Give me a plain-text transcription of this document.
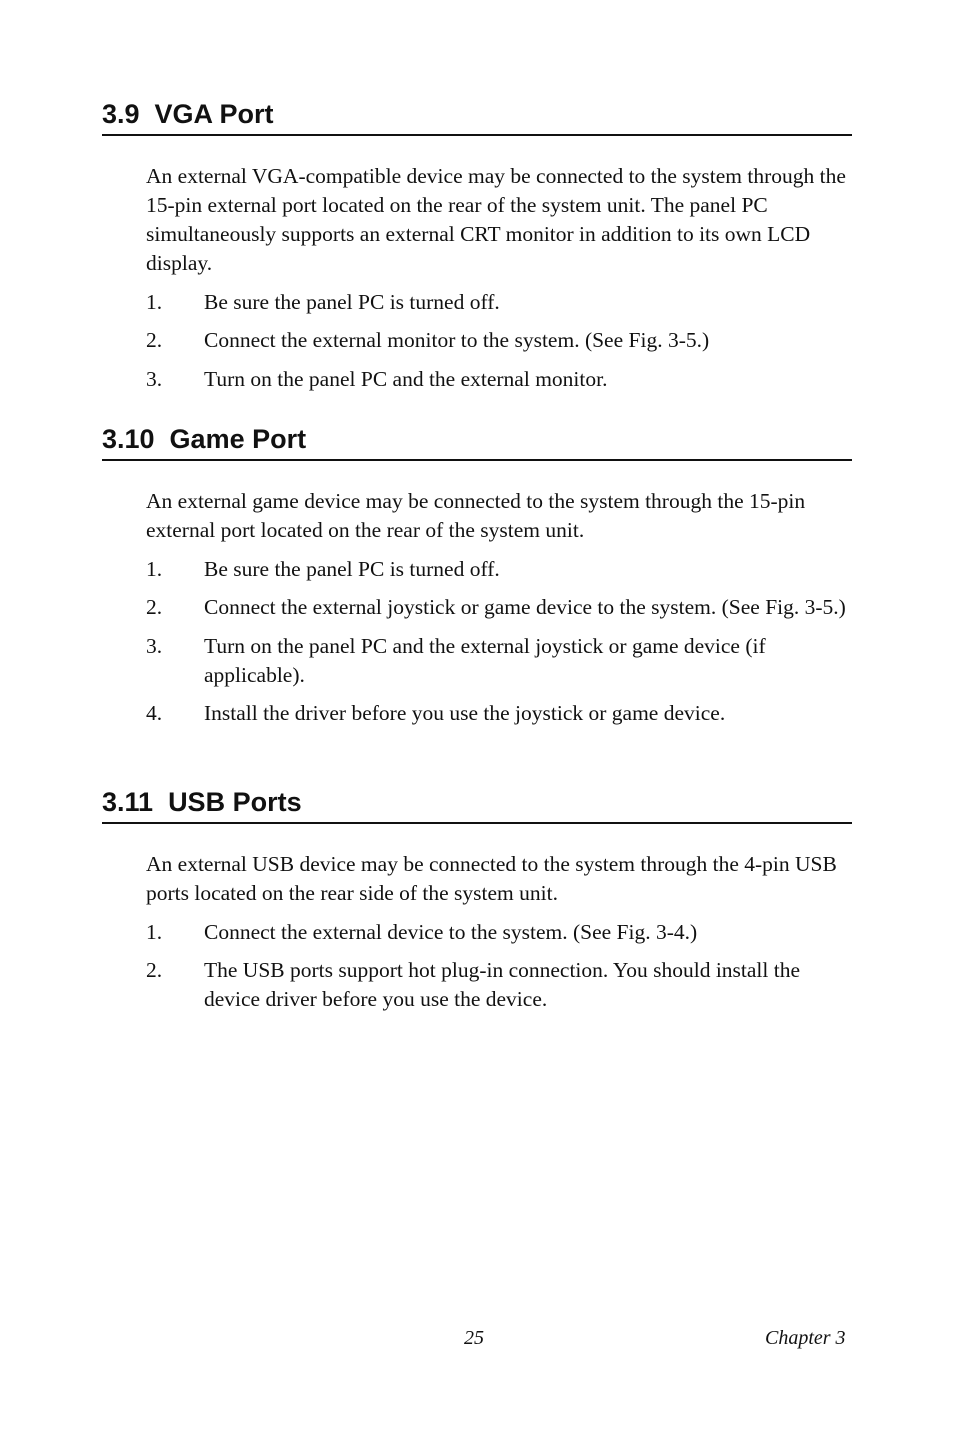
3.9  VGA Port

An external VGA-compatible device may be connected to the system through the 15-pin external port located on the rear of the system unit. The panel PC simultaneously supports an external CRT monitor in addition to its own LCD display.

1. Be sure the panel PC is turned off.
2. Connect the external monitor to the system. (See Fig. 3-5.)
3. Turn on the panel PC and the external monitor.
3.10  Game Port

An external game device may be connected to the system through the 15-pin external port located on the rear of the system unit.

1. Be sure the panel PC is turned off.
2. Connect the external joystick or game device to the system. (See Fig. 3-5.)
3. Turn on the panel PC and the external joystick or game device (if applicable).
4. Install the driver before you use the joystick or game device.
3.11  USB Ports

An external USB device may be connected to the system through the 4-pin USB ports located on the rear side of the system unit.

1. Connect the external device to the system. (See Fig. 3-4.)
2. The USB ports support hot plug-in connection. You should install the device driver before you use the device.
25	Chapter 3
